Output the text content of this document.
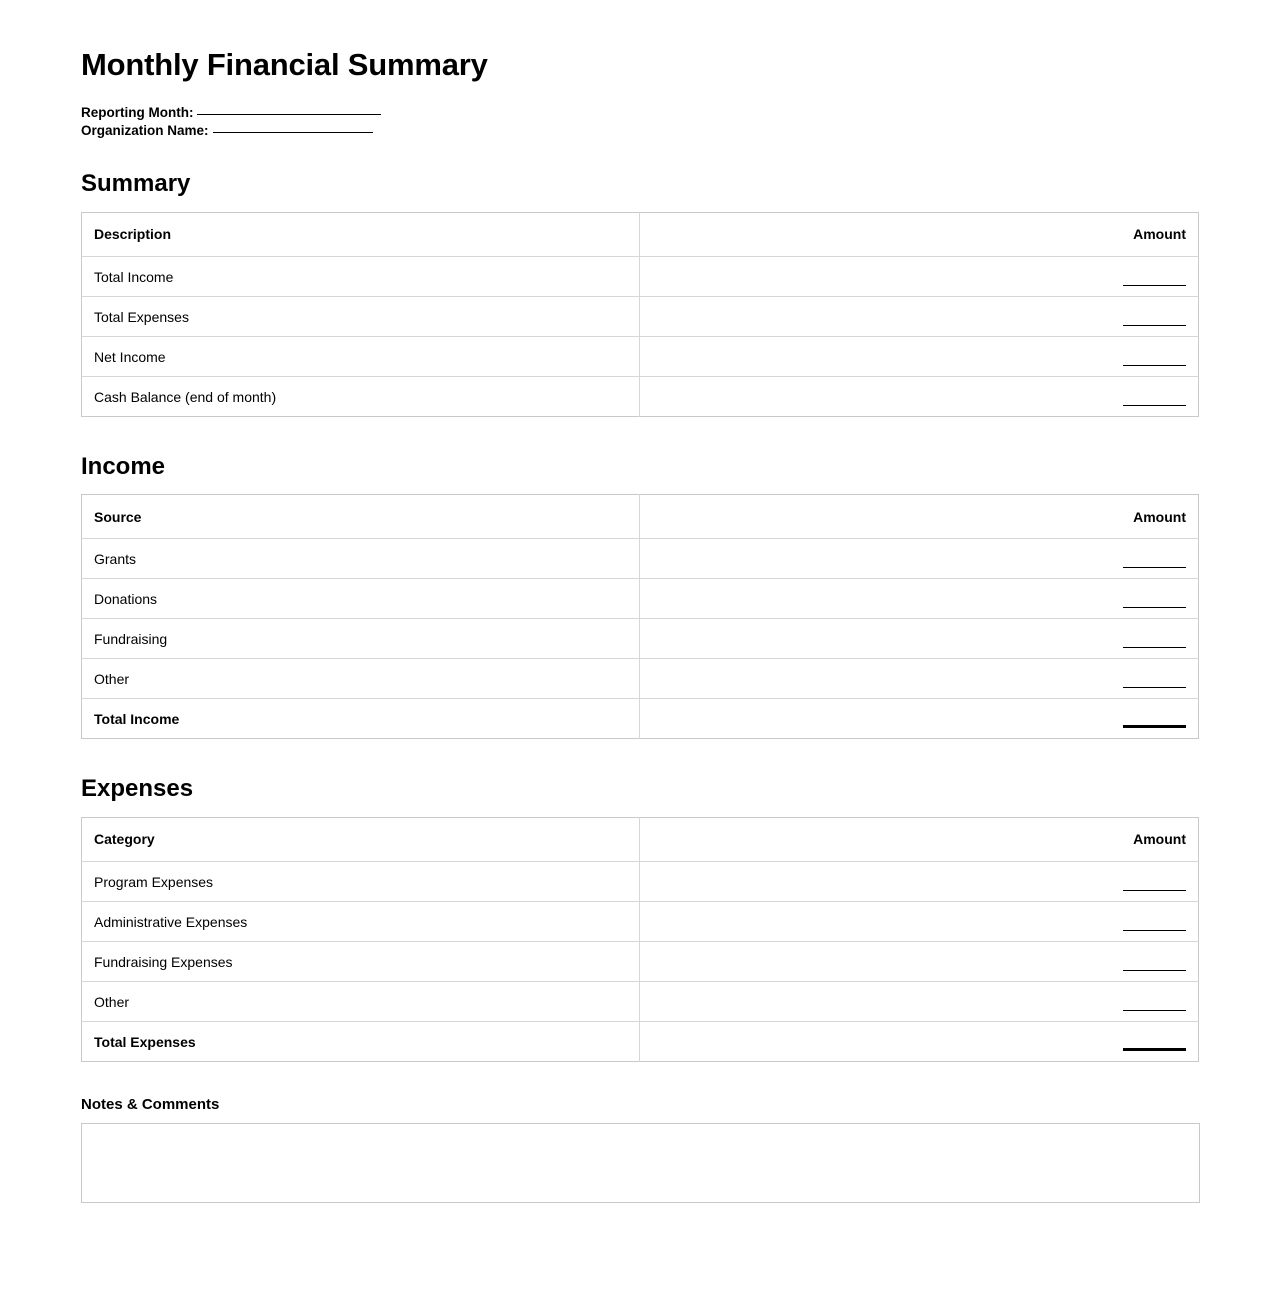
Monthly Financial Summary
Reporting Month:
Organization Name:
Summary
Description	Amount
Total Income	
Total Expenses	
Net Income	
Cash Balance (end of month)	
Income
Source	Amount
Grants	
Donations	
Fundraising	
Other	
Total Income	
Expenses
Category	Amount
Program Expenses	
Administrative Expenses	
Fundraising Expenses	
Other	
Total Expenses	
Notes & Comments
